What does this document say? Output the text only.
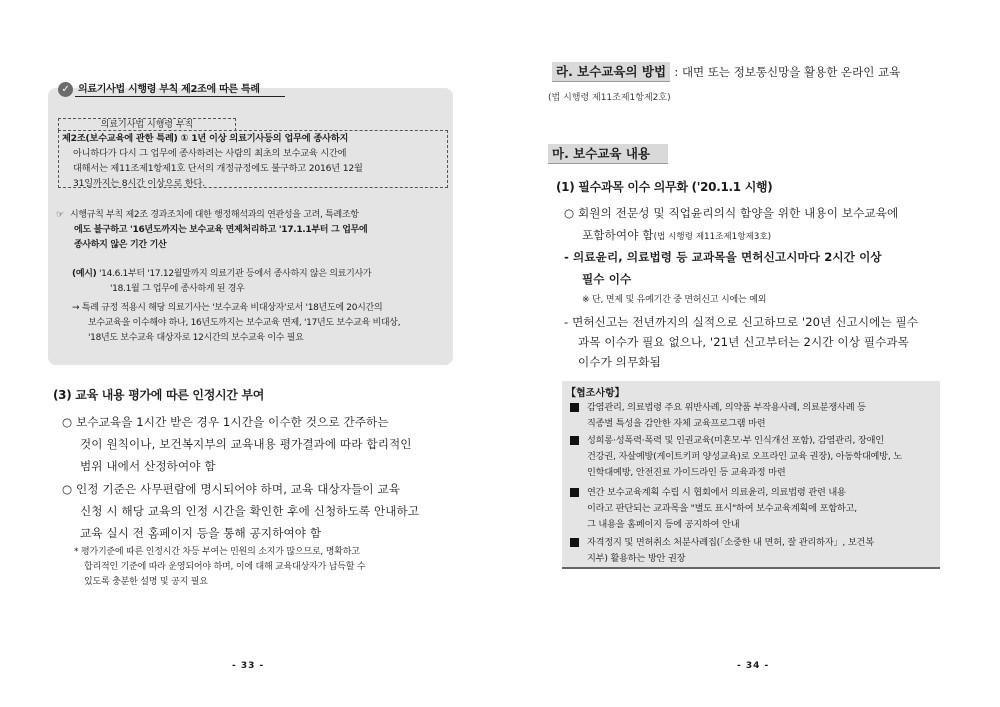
✓ 의료기사법 시행령 부칙 제2조에 따른 특례
의료기사법 시행령 부칙
제2조(보수교육에 관한 특례) ① 1년 이상 의료기사등의 업무에 종사하지
아니하다가 다시 그 업무에 종사하려는 사람의 최초의 보수교육 시간에
대해서는 제11조제1항제1호 단서의 개정규정에도 불구하고 2016년 12월
31일까지는 8시간 이상으로 한다.
☞ 시행규칙 부칙 제2조 경과조치에 대한 행정해석과의 연관성을 고려, 특례조항

에도 불구하고 '16년도까지는 보수교육 면제처리하고 '17.1.1부터 그 업무에
종사하지 않은 기간 기산
(예시) '14.6.1부터 '17.12월말까지 의료기관 등에서 종사하지 않은 의료기사가
'18.1월 그 업무에 종사하게 된 경우
→ 특례 규정 적용시 해당 의료기사는 '보수교육 비대상자'로서 '18년도에 20시간의
보수교육을 이수해야 하나, 16년도까지는 보수교육 면제, '17년도 보수교육 비대상,
'18년도 보수교육 대상자로 12시간의 보수교육 이수 필요
(3) 교육 내용 평가에 따른 인정시간 부여
○ 보수교육을 1시간 받은 경우 1시간을 이수한 것으로 간주하는
것이 원칙이나, 보건복지부의 교육내용 평가결과에 따라 합리적인
범위 내에서 산정하여야 함
○ 인정 기준은 사무편람에 명시되어야 하며, 교육 대상자들이 교육
신청 시 해당 교육의 인정 시간을 확인한 후에 신청하도록 안내하고
교육 실시 전 홈페이지 등을 통해 공지하여야 함
* 평가기준에 따른 인정시간 차등 부여는 민원의 소지가 많으므로, 명확하고
합리적인 기준에 따라 운영되어야 하며, 이에 대해 교육대상자가 납득할 수
있도록 충분한 설명 및 공지 필요
- 33 -
라. 보수교육의 방법 : 대면 또는 정보통신망을 활용한 온라인 교육
(법 시행령 제11조제1항제2호)
마. 보수교육 내용
(1) 필수과목 이수 의무화 ('20.1.1 시행)
○ 회원의 전문성 및 직업윤리의식 함양을 위한 내용이 보수교육에
포함하여야 함(법 시행령 제11조제1항제3호)
- 의료윤리, 의료법령 등 교과목을 면허신고시마다 2시간 이상
필수 이수
※ 단, 면제 및 유예기간 중 면허신고 시에는 예외
- 면허신고는 전년까지의 실적으로 신고하므로 '20년 신고시에는 필수
과목 이수가 필요 없으나, '21년 신고부터는 2시간 이상 필수과목
이수가 의무화됨
【협조사항】
감염관리, 의료법령 주요 위반사례, 의약품 부작용사례, 의료분쟁사례 등
직종별 특성을 감안한 자체 교육프로그램 마련
성희롱·성폭력·폭력 및 인권교육(미혼모·부 인식개선 포함), 감염관리, 장애인
건강권, 자살예방(게이트키퍼 양성교육)로 오프라인 교육 권장), 아동학대예방, 노
인학대예방, 안전진료 가이드라인 등 교육과정 마련
연간 보수교육계획 수립 시 협회에서 의료윤리, 의료법령 관련 내용
이라고 판단되는 교과목을 "별도 표시"하여 보수교육계획에 포함하고,
그 내용을 홈페이지 등에 공지하여 안내
자격정지 및 면허취소 처분사례집(「소중한 내 면허, 잘 관리하자」, 보건복
지부) 활용하는 방안 권장
- 34 -
